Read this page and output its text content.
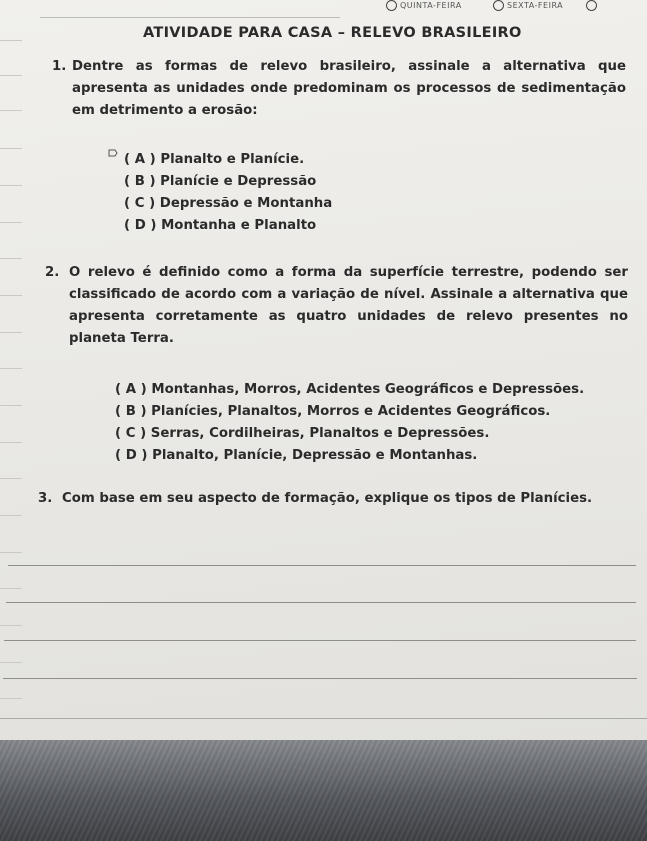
QUINTA-FEIRA	SEXTA-FEIRA
ATIVIDADE PARA CASA – RELEVO BRASILEIRO
1. Dentre as formas de relevo brasileiro, assinale a alternativa que apresenta as unidades onde predominam os processos de sedimentação em detrimento a erosão:
( A ) Planalto e Planície.
( B ) Planície e Depressão
( C ) Depressão e Montanha
( D ) Montanha e Planalto
2. O relevo é definido como a forma da superfície terrestre, podendo ser classificado de acordo com a variação de nível. Assinale a alternativa que apresenta corretamente as quatro unidades de relevo presentes no planeta Terra.
( A ) Montanhas, Morros, Acidentes Geográficos e Depressões.
( B ) Planícies, Planaltos, Morros e Acidentes Geográficos.
( C ) Serras, Cordilheiras, Planaltos e Depressões.
( D ) Planalto, Planície, Depressão e Montanhas.
3. Com base em seu aspecto de formação, explique os tipos de Planícies.
